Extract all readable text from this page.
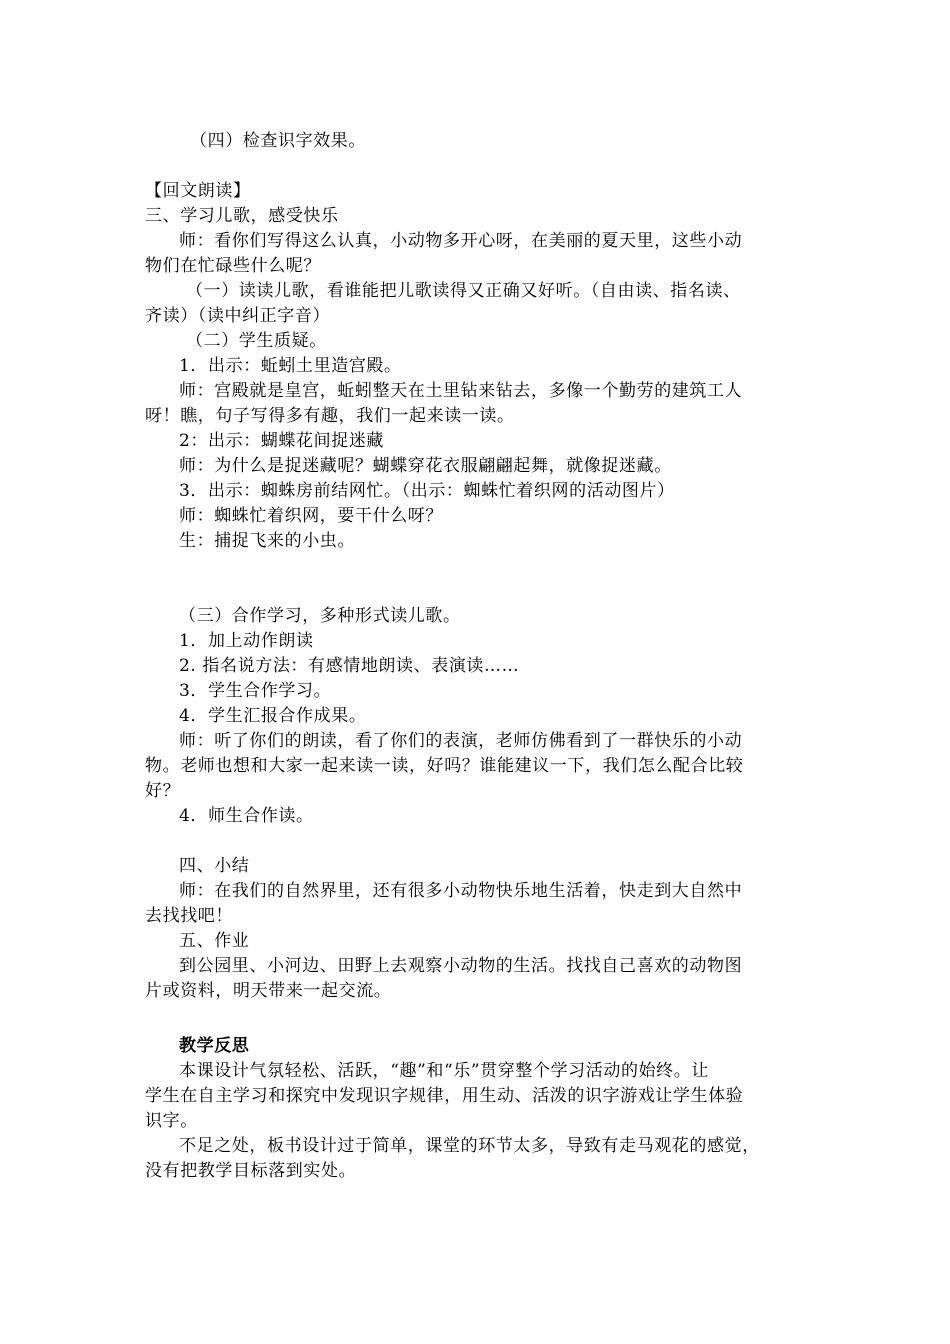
（四）检查识字效果。
【回文朗读】
三、学习儿歌，感受快乐
师：看你们写得这么认真，小动物多开心呀，在美丽的夏天里，这些小动
物们在忙碌些什么呢？
（一）读读儿歌，看谁能把儿歌读得又正确又好听。（自由读、指名读、
齐读）（读中纠正字音）
（二）学生质疑。
1．出示：蚯蚓土里造宫殿。
师：宫殿就是皇宫，蚯蚓整天在土里钻来钻去，多像一个勤劳的建筑工人
呀！瞧，句子写得多有趣，我们一起来读一读。
2：出示：蝴蝶花间捉迷藏
师：为什么是捉迷藏呢？蝴蝶穿花衣服翩翩起舞，就像捉迷藏。
3．出示：蜘蛛房前结网忙。（出示：蜘蛛忙着织网的活动图片）
师：蜘蛛忙着织网，要干什么呀？
生：捕捉飞来的小虫。
（三）合作学习，多种形式读儿歌。
1．加上动作朗读
2. 指名说方法：有感情地朗读、表演读……
3．学生合作学习。
4．学生汇报合作成果。
师：听了你们的朗读，看了你们的表演，老师仿佛看到了一群快乐的小动
物。老师也想和大家一起来读一读，好吗？谁能建议一下，我们怎么配合比较
好？
4．师生合作读。
四、小结
师：在我们的自然界里，还有很多小动物快乐地生活着，快走到大自然中
去找找吧！
五、作业
到公园里、小河边、田野上去观察小动物的生活。找找自己喜欢的动物图
片或资料，明天带来一起交流。
教学反思
本课设计气氛轻松、活跃，“趣”和“乐”贯穿整个学习活动的始终。让
学生在自主学习和探究中发现识字规律，用生动、活泼的识字游戏让学生体验
识字。
不足之处，板书设计过于简单，课堂的环节太多，导致有走马观花的感觉，
没有把教学目标落到实处。
